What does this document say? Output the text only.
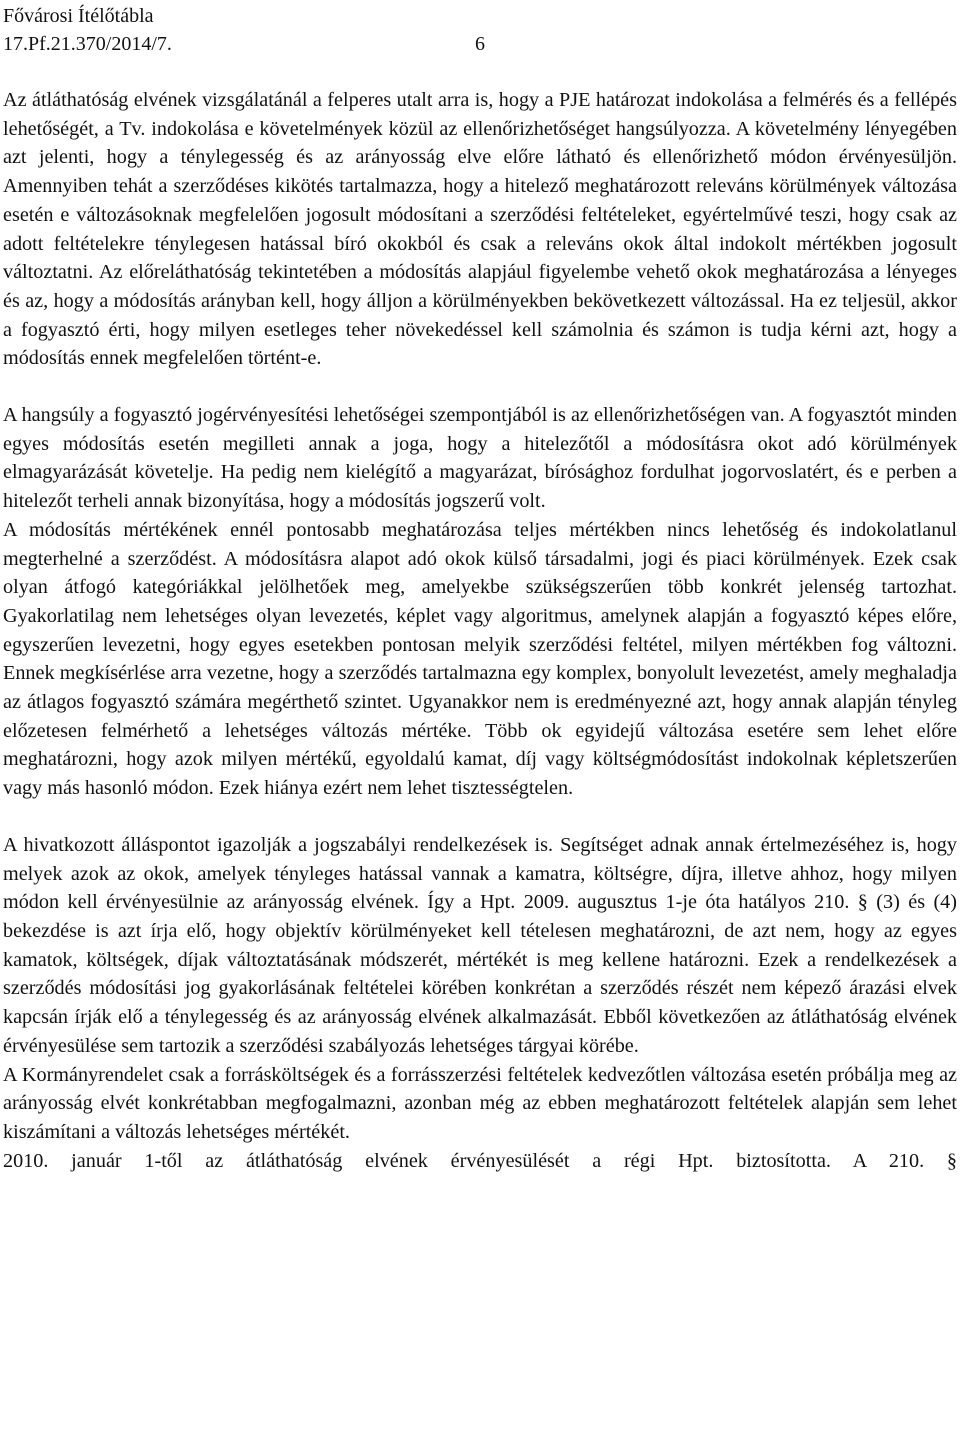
Fővárosi Ítélőtábla
17.Pf.21.370/2014/7.	6

Az átláthatóság elvének vizsgálatánál a felperes utalt arra is, hogy a PJE határozat indokolása a felmérés és a fellépés lehetőségét, a Tv. indokolása e követelmények közül az ellenőrizhetőséget hangsúlyozza. A követelmény lényegében azt jelenti, hogy a ténylegesség és az arányosság elve előre látható és ellenőrizhető módon érvényesüljön. Amennyiben tehát a szerződéses kikötés tartalmazza, hogy a hitelező meghatározott releváns körülmények változása esetén e változásoknak megfelelően jogosult módosítani a szerződési feltételeket, egyértelművé teszi, hogy csak az adott feltételekre ténylegesen hatással bíró okokból és csak a releváns okok által indokolt mértékben jogosult változtatni. Az előreláthatóság tekintetében a módosítás alapjául figyelembe vehető okok meghatározása a lényeges és az, hogy a módosítás arányban kell, hogy álljon a körülményekben bekövetkezett változással. Ha ez teljesül, akkor a fogyasztó érti, hogy milyen esetleges teher növekedéssel kell számolnia és számon is tudja kérni azt, hogy a módosítás ennek megfelelően történt-e.

A hangsúly a fogyasztó jogérvényesítési lehetőségei szempontjából is az ellenőrizhetőségen van. A fogyasztót minden egyes módosítás esetén megilleti annak a joga, hogy a hitelezőtől a módosításra okot adó körülmények elmagyarázását követelje. Ha pedig nem kielégítő a magyarázat, bírósághoz fordulhat jogorvoslatért, és e perben a hitelezőt terheli annak bizonyítása, hogy a módosítás jogszerű volt.

A módosítás mértékének ennél pontosabb meghatározása teljes mértékben nincs lehetőség és indokolatlanul megterhelné a szerződést. A módosításra alapot adó okok külső társadalmi, jogi és piaci körülmények. Ezek csak olyan átfogó kategóriákkal jelölhetőek meg, amelyekbe szükségszerűen több konkrét jelenség tartozhat. Gyakorlatilag nem lehetséges olyan levezetés, képlet vagy algoritmus, amelynek alapján a fogyasztó képes előre, egyszerűen levezetni, hogy egyes esetekben pontosan melyik szerződési feltétel, milyen mértékben fog változni. Ennek megkísérlése arra vezetne, hogy a szerződés tartalmazna egy komplex, bonyolult levezetést, amely meghaladja az átlagos fogyasztó számára megérthető szintet. Ugyanakkor nem is eredményezné azt, hogy annak alapján tényleg előzetesen felmérhető a lehetséges változás mértéke. Több ok egyidejű változása esetére sem lehet előre meghatározni, hogy azok milyen mértékű, egyoldalú kamat, díj vagy költségmódosítást indokolnak képletszerűen vagy más hasonló módon. Ezek hiánya ezért nem lehet tisztességtelen.

A hivatkozott álláspontot igazolják a jogszabályi rendelkezések is. Segítséget adnak annak értelmezéséhez is, hogy melyek azok az okok, amelyek tényleges hatással vannak a kamatra, költségre, díjra, illetve ahhoz, hogy milyen módon kell érvényesülnie az arányosság elvének. Így a Hpt. 2009. augusztus 1-je óta hatályos 210. § (3) és (4) bekezdése is azt írja elő, hogy objektív körülményeket kell tételesen meghatározni, de azt nem, hogy az egyes kamatok, költségek, díjak változtatásának módszerét, mértékét is meg kellene határozni. Ezek a rendelkezések a szerződés módosítási jog gyakorlásának feltételei körében konkrétan a szerződés részét nem képező árazási elvek kapcsán írják elő a ténylegesség és az arányosság elvének alkalmazását. Ebből következően az átláthatóság elvének érvényesülése sem tartozik a szerződési szabályozás lehetséges tárgyai körébe.

A Kormányrendelet csak a forrásköltségek és a forrásszerzési feltételek kedvezőtlen változása esetén próbálja meg az arányosság elvét konkrétabban megfogalmazni, azonban még az ebben meghatározott feltételek alapján sem lehet kiszámítani a változás lehetséges mértékét.

2010. január 1-től az átláthatóság elvének érvényesülését a régi Hpt. biztosította. A 210. §
